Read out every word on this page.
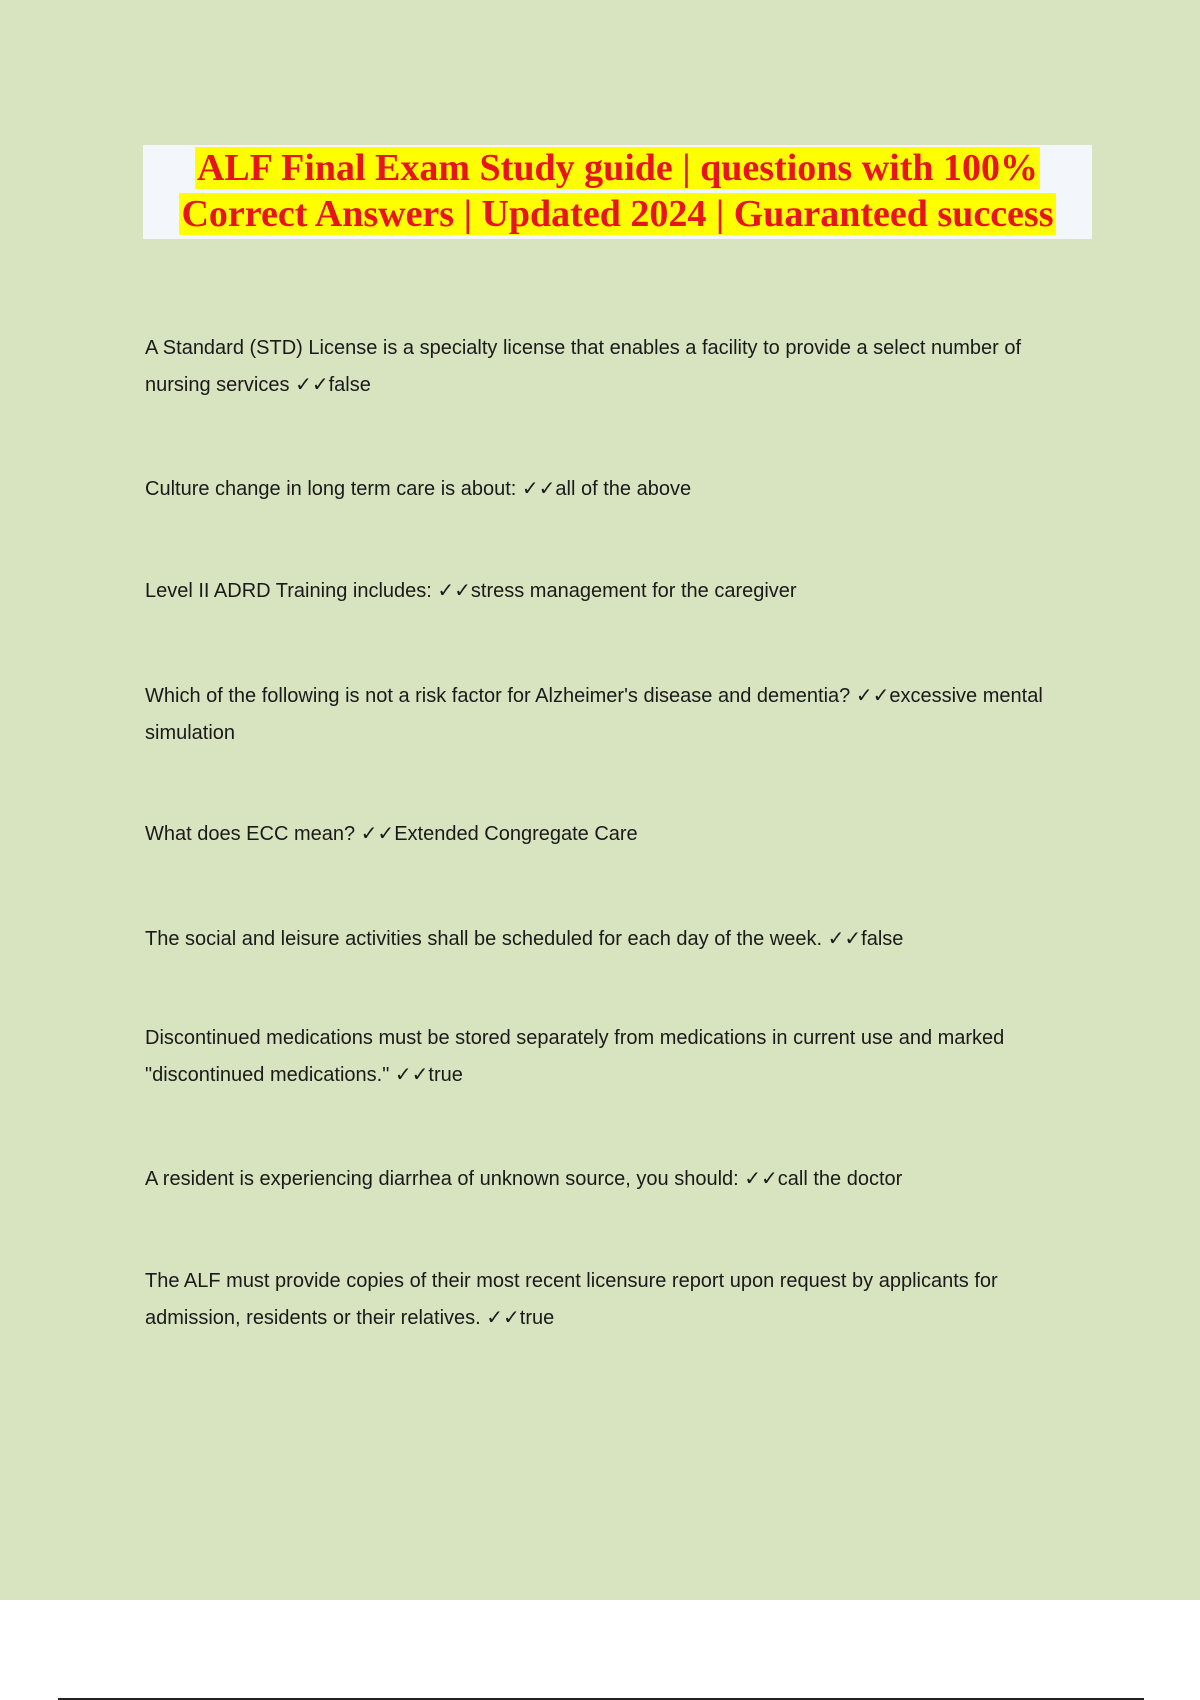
ALF Final Exam Study guide | questions with 100%
Correct Answers | Updated 2024 | Guaranteed success

A Standard (STD) License is a specialty license that enables a facility to provide a select number of nursing services ✓✓false

Culture change in long term care is about: ✓✓all of the above

Level II ADRD Training includes: ✓✓stress management for the caregiver

Which of the following is not a risk factor for Alzheimer's disease and dementia? ✓✓excessive mental simulation

What does ECC mean? ✓✓Extended Congregate Care

The social and leisure activities shall be scheduled for each day of the week. ✓✓false

Discontinued medications must be stored separately from medications in current use and marked "discontinued medications." ✓✓true

A resident is experiencing diarrhea of unknown source, you should: ✓✓call the doctor

The ALF must provide copies of their most recent licensure report upon request by applicants for admission, residents or their relatives. ✓✓true
